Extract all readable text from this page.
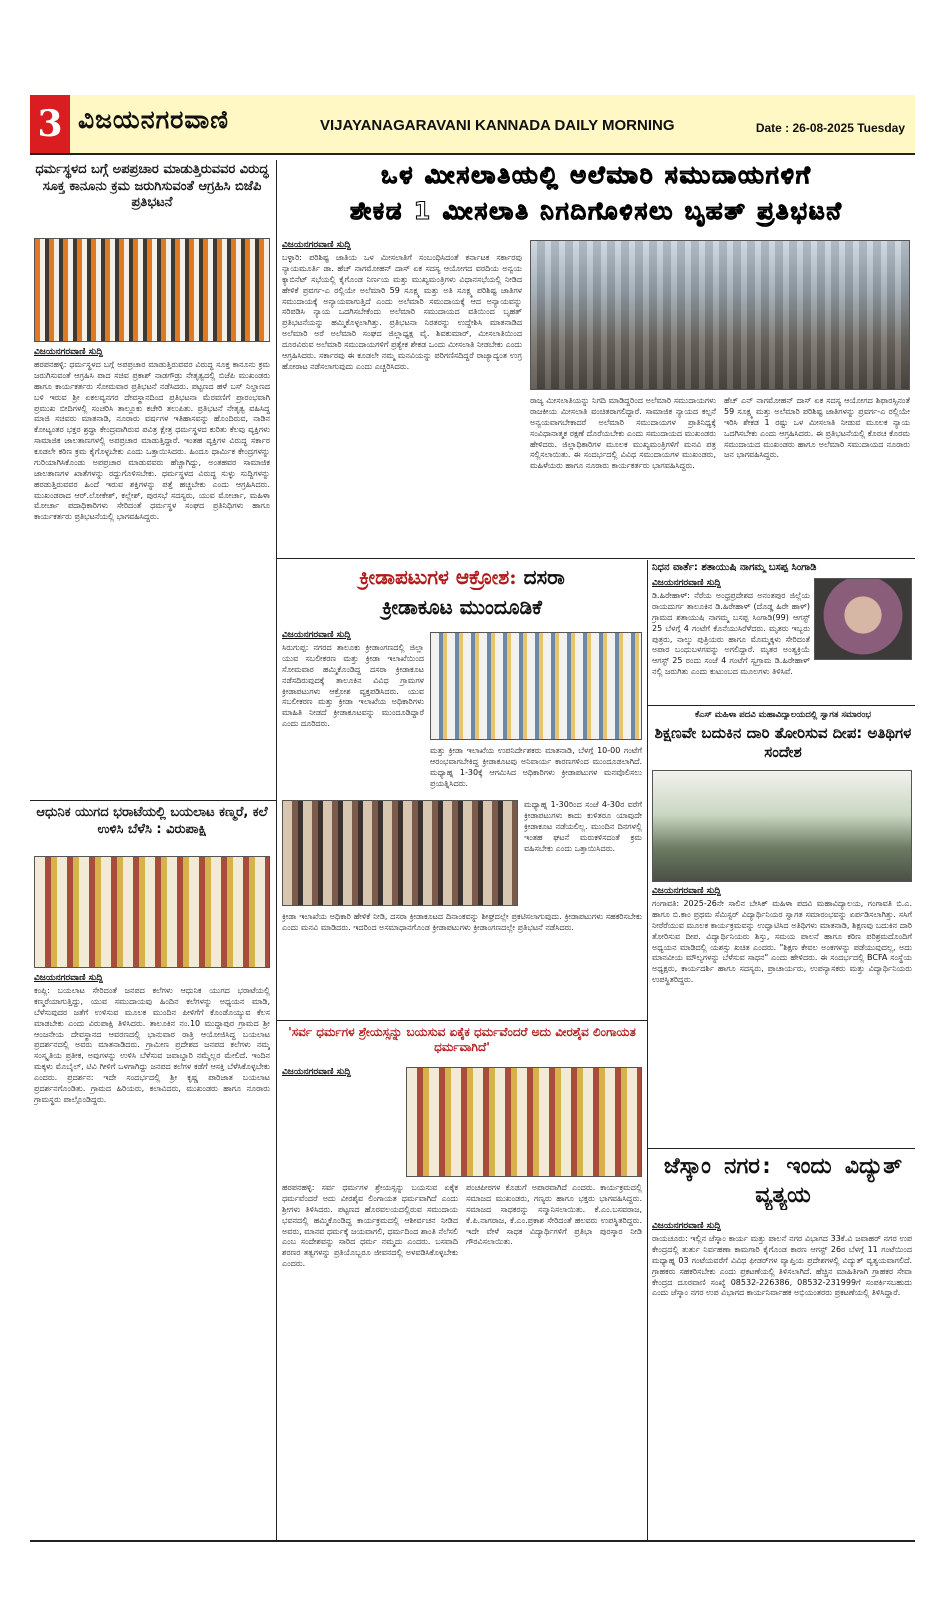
3 ವಿಜಯನಗರವಾಣಿ	VIJAYANAGARAVANI KANNADA DAILY MORNING	Date : 26-08-2025 Tuesday
ಧರ್ಮಸ್ಥಳದ ಬಗ್ಗೆ ಅಪಪ್ರಚಾರ ಮಾಡುತ್ತಿರುವವರ ವಿರುದ್ಧ ಸೂಕ್ತ ಕಾನೂನು ಕ್ರಮ ಜರುಗಿಸುವಂತೆ ಆಗ್ರಹಿಸಿ ಬಿಜೆಪಿ ಪ್ರತಿಭಟನೆ
ವಿಜಯನಗರವಾಣಿ ಸುದ್ದಿ
ಹರಪನಹಳ್ಳಿ: ಧರ್ಮಸ್ಥಳದ ಬಗ್ಗೆ ಅಪಪ್ರಚಾರ ಮಾಡುತ್ತಿರುವವರ ವಿರುದ್ಧ ಸೂಕ್ತ ಕಾನೂನು ಕ್ರಮ ಜರುಗಿಸುವಂತೆ ಆಗ್ರಹಿಸಿ ಪಾದ ಸಚಿವ ಪ್ರಕಾಶ್ ನಾಡಗೌಡ್ರು ನೇತೃತ್ವದಲ್ಲಿ ಬಿಜೆಪಿ ಮುಖಂಡರು ಹಾಗೂ ಕಾರ್ಯಕರ್ತರು ಸೋಮವಾರ ಪ್ರತಿಭಟನೆ ನಡೆಸಿದರು. ಪಟ್ಟಣದ ಹಳೆ ಬಸ್ ನಿಲ್ದಾಣದ ಬಳಿ ಇರುವ ಶ್ರೀ ಏಕಲವ್ಯನಗರ ದೇವಸ್ಥಾನದಿಂದ ಪ್ರತಿಭಟನಾ ಮೆರವಣಿಗೆ ಪ್ರಾರಂಭವಾಗಿ ಪ್ರಮುಖ ಬೀದಿಗಳಲ್ಲಿ ಸಂಚರಿಸಿ ತಾಲ್ಲೂಕು ಕಚೇರಿ ತಲುಪಿತು. ಪ್ರತಿಭಟನೆ ನೇತೃತ್ವ ವಹಿಸಿದ್ದ ಮಾಜಿ ಸಚಿವರು ಮಾತನಾಡಿ, ನೂರಾರು ವರ್ಷಗಳ ಇತಿಹಾಸವನ್ನು ಹೊಂದಿರುವ, ನಾಡಿನ ಕೋಟ್ಯಂತರ ಭಕ್ತರ ಶ್ರದ್ಧಾ ಕೇಂದ್ರವಾಗಿರುವ ಪವಿತ್ರ ಕ್ಷೇತ್ರ ಧರ್ಮಸ್ಥಳದ ಕುರಿತು ಕೆಲವು ವ್ಯಕ್ತಿಗಳು ಸಾಮಾಜಿಕ ಜಾಲತಾಣಗಳಲ್ಲಿ ಅಪಪ್ರಚಾರ ಮಾಡುತ್ತಿದ್ದಾರೆ. ಇಂತಹ ವ್ಯಕ್ತಿಗಳ ವಿರುದ್ಧ ಸರ್ಕಾರ ಕೂಡಲೇ ಕಠಿಣ ಕ್ರಮ ಕೈಗೊಳ್ಳಬೇಕು ಎಂದು ಒತ್ತಾಯಿಸಿದರು. ಹಿಂದೂ ಧಾರ್ಮಿಕ ಕೇಂದ್ರಗಳನ್ನು ಗುರಿಯಾಗಿಸಿಕೊಂಡು ಅಪಪ್ರಚಾರ ಮಾಡುವವರು ಹೆಚ್ಚಾಗಿದ್ದು, ಅಂತಹವರ ಸಾಮಾಜಿಕ ಜಾಲತಾಣಗಳ ಖಾತೆಗಳನ್ನು ರದ್ದುಗೊಳಿಸಬೇಕು. ಧರ್ಮಸ್ಥಳದ ವಿರುದ್ಧ ಸುಳ್ಳು ಸುದ್ದಿಗಳನ್ನು ಹರಡುತ್ತಿರುವವರ ಹಿಂದೆ ಇರುವ ಶಕ್ತಿಗಳನ್ನು ಪತ್ತೆ ಹಚ್ಚಬೇಕು ಎಂದು ಆಗ್ರಹಿಸಿದರು. ಮುಖಂಡರಾದ ಆರ್.ಲೋಕೇಶ್, ಕಲ್ಲೇಶ್, ಪುರಸಭೆ ಸದಸ್ಯರು, ಯುವ ಮೋರ್ಚಾ, ಮಹಿಳಾ ಮೋರ್ಚಾ ಪದಾಧಿಕಾರಿಗಳು ಸೇರಿದಂತೆ ಧರ್ಮಸ್ಥಳ ಸಂಘದ ಪ್ರತಿನಿಧಿಗಳು ಹಾಗೂ ಕಾರ್ಯಕರ್ತರು ಪ್ರತಿಭಟನೆಯಲ್ಲಿ ಭಾಗವಹಿಸಿದ್ದರು.
ಆಧುನಿಕ ಯುಗದ ಭರಾಟೆಯಲ್ಲಿ ಬಯಲಾಟ ಕಣ್ಮರೆ, ಕಲೆ ಉಳಿಸಿ ಬೆಳೆಸಿ : ವಿರುಪಾಕ್ಷಿ
ವಿಜಯನಗರವಾಣಿ ಸುದ್ದಿ
ಕಂಪ್ಲಿ: ಬಯಲಾಟ ಸೇರಿದಂತೆ ಜನಪದ ಕಲೆಗಳು ಆಧುನಿಕ ಯುಗದ ಭರಾಟೆಯಲ್ಲಿ ಕಣ್ಮರೆಯಾಗುತ್ತಿದ್ದು, ಯುವ ಸಮುದಾಯವು ಹಿಂದಿನ ಕಲೆಗಳನ್ನು ಅಧ್ಯಯನ ಮಾಡಿ, ಬೆಳೆಸುವುದರ ಜತೆಗೆ ಉಳಿಸುವ ಮೂಲಕ ಮುಂದಿನ ಪೀಳಿಗೆಗೆ ಕೊಂಡೊಯ್ಯುವ ಕೆಲಸ ಮಾಡಬೇಕು ಎಂದು ವಿರುಪಾಕ್ಷಿ ತಿಳಿಸಿದರು. ತಾಲೂಕಿನ ನಂ.10 ಮುದ್ದಾಪುರ ಗ್ರಾಮದ ಶ್ರೀ ಆಂಜನೇಯ ದೇವಸ್ಥಾನದ ಆವರಣದಲ್ಲಿ ಭಾನುವಾರ ರಾತ್ರಿ ಆಯೋಜಿಸಿದ್ದ ಬಯಲಾಟ ಪ್ರದರ್ಶನದಲ್ಲಿ ಅವರು ಮಾತನಾಡಿದರು. ಗ್ರಾಮೀಣ ಪ್ರದೇಶದ ಜನಪದ ಕಲೆಗಳು ನಮ್ಮ ಸಂಸ್ಕೃತಿಯ ಪ್ರತೀಕ, ಅವುಗಳನ್ನು ಉಳಿಸಿ ಬೆಳೆಸುವ ಜವಾಬ್ದಾರಿ ನಮ್ಮೆಲ್ಲರ ಮೇಲಿದೆ. ಇಂದಿನ ಮಕ್ಕಳು ಮೊಬೈಲ್, ಟಿವಿ ಗೀಳಿಗೆ ಒಳಗಾಗಿದ್ದು ಜನಪದ ಕಲೆಗಳ ಕಡೆಗೆ ಆಸಕ್ತಿ ಬೆಳೆಸಿಕೊಳ್ಳಬೇಕು ಎಂದರು. ಪ್ರದರ್ಶನ: ಇದೇ ಸಂದರ್ಭದಲ್ಲಿ ಶ್ರೀ ಕೃಷ್ಣ ಪಾರಿಜಾತ ಬಯಲಾಟ ಪ್ರದರ್ಶನಗೊಂಡಿತು. ಗ್ರಾಮದ ಹಿರಿಯರು, ಕಲಾವಿದರು, ಮುಖಂಡರು ಹಾಗೂ ನೂರಾರು ಗ್ರಾಮಸ್ಥರು ಪಾಲ್ಗೊಂಡಿದ್ದರು.
ಒಳ ಮೀಸಲಾತಿಯಲ್ಲಿ ಅಲೆಮಾರಿ ಸಮುದಾಯಗಳಿಗೆ
ಶೇಕಡ 1 ಮೀಸಲಾತಿ ನಿಗದಿಗೊಳಿಸಲು ಬೃಹತ್ ಪ್ರತಿಭಟನೆ
ವಿಜಯನಗರವಾಣಿ ಸುದ್ದಿ
ಬಳ್ಳಾರಿ: ಪರಿಶಿಷ್ಟ ಜಾತಿಯ ಒಳ ಮೀಸಲಾತಿಗೆ ಸಂಬಂಧಿಸಿದಂತೆ ಕರ್ನಾಟಕ ಸರ್ಕಾರವು ನ್ಯಾಯಮೂರ್ತಿ ಡಾ. ಹೆಚ್ ನಾಗಮೋಹನ್ ದಾಸ್ ಏಕ ಸದಸ್ಯ ಆಯೋಗದ ವರದಿಯ ಅನ್ವಯ ಕ್ಯಾಬಿನೆಟ್ ಸಭೆಯಲ್ಲಿ ಕೈಗೊಂಡ ನಿರ್ಣಯ ಮತ್ತು ಮುಖ್ಯಮಂತ್ರಿಗಳು ವಿಧಾನಸಭೆಯಲ್ಲಿ ನೀಡಿದ ಹೇಳಿಕೆ ಪ್ರವರ್ಗ-ಎ ರಲ್ಲಿಯೇ ಅಲೆಮಾರಿ 59 ಸೂಕ್ಷ್ಮ ಮತ್ತು ಅತಿ ಸೂಕ್ಷ್ಮ ಪರಿಶಿಷ್ಟ ಜಾತಿಗಳ ಸಮುದಾಯಕ್ಕೆ ಅನ್ಯಾಯವಾಗುತ್ತಿದೆ ಎಂದು ಅಲೆಮಾರಿ ಸಮುದಾಯಕ್ಕೆ ಆದ ಅನ್ಯಾಯವನ್ನು ಸರಿಪಡಿಸಿ ನ್ಯಾಯ ಒದಗಿಸಬೇಕೆಂದು ಅಲೆಮಾರಿ ಸಮುದಾಯದ ವತಿಯಿಂದ ಬೃಹತ್ ಪ್ರತಿಭಟನೆಯನ್ನು ಹಮ್ಮಿಕೊಳ್ಳಲಾಗಿತ್ತು. ಪ್ರತಿಭಟನಾ ನಿರತರನ್ನು ಉದ್ದೇಶಿಸಿ ಮಾತನಾಡಿದ ಅಲೆಮಾರಿ ಅರೆ ಅಲೆಮಾರಿ ಸಂಘದ ಜಿಲ್ಲಾಧ್ಯಕ್ಷ ವೈ. ಶಿವಕುಮಾರ್, ಮೀಸಲಾತಿಯಿಂದ ದೂರವಿರುವ ಅಲೆಮಾರಿ ಸಮುದಾಯಗಳಿಗೆ ಪ್ರತ್ಯೇಕ ಶೇಕಡ ಒಂದು ಮೀಸಲಾತಿ ನೀಡಬೇಕು ಎಂದು ಆಗ್ರಹಿಸಿದರು. ಸರ್ಕಾರವು ಈ ಕೂಡಲೇ ನಮ್ಮ ಮನವಿಯನ್ನು ಪರಿಗಣಿಸದಿದ್ದರೆ ರಾಜ್ಯಾದ್ಯಂತ ಉಗ್ರ ಹೋರಾಟ ನಡೆಸಲಾಗುವುದು ಎಂದು ಎಚ್ಚರಿಸಿದರು.
ರಾಜ್ಯ ಮೀಸಲಾತಿಯನ್ನು ನಿಗದಿ ಮಾಡಿದ್ದರಿಂದ ಅಲೆಮಾರಿ ಸಮುದಾಯಗಳು ರಾಜಕೀಯ ಮೀಸಲಾತಿ ವಂಚಿತರಾಗಲಿದ್ದಾರೆ. ಸಾಮಾಜಿಕ ನ್ಯಾಯದ ಕಲ್ಪನೆ ಅನ್ವಯವಾಗಬೇಕಾದರೆ ಅಲೆಮಾರಿ ಸಮುದಾಯಗಳ ಪ್ರಾತಿನಿಧ್ಯಕ್ಕೆ ಸಂವಿಧಾನಾತ್ಮಕ ರಕ್ಷಣೆ ದೊರೆಯಬೇಕು ಎಂದು ಸಮುದಾಯದ ಮುಖಂಡರು ಹೇಳಿದರು. ಜಿಲ್ಲಾಧಿಕಾರಿಗಳ ಮೂಲಕ ಮುಖ್ಯಮಂತ್ರಿಗಳಿಗೆ ಮನವಿ ಪತ್ರ ಸಲ್ಲಿಸಲಾಯಿತು. ಈ ಸಂದರ್ಭದಲ್ಲಿ ವಿವಿಧ ಸಮುದಾಯಗಳ ಮುಖಂಡರು, ಮಹಿಳೆಯರು ಹಾಗೂ ನೂರಾರು ಕಾರ್ಯಕರ್ತರು ಭಾಗವಹಿಸಿದ್ದರು.
ಹೆಚ್ ಎನ್ ನಾಗಮೋಹನ್ ದಾಸ್ ಏಕ ಸದಸ್ಯ ಆಯೋಗದ ಶಿಫಾರಸ್ಸಿನಂತೆ 59 ಸೂಕ್ಷ್ಮ ಮತ್ತು ಅಲೆಮಾರಿ ಪರಿಶಿಷ್ಟ ಜಾತಿಗಳನ್ನು ಪ್ರವರ್ಗ-ಎ ರಲ್ಲಿಯೇ ಇರಿಸಿ ಶೇಕಡ 1 ರಷ್ಟು ಒಳ ಮೀಸಲಾತಿ ನೀಡುವ ಮೂಲಕ ನ್ಯಾಯ ಒದಗಿಸಬೇಕು ಎಂದು ಆಗ್ರಹಿಸಿದರು. ಈ ಪ್ರತಿಭಟನೆಯಲ್ಲಿ ಕೊರಚ ಕೊರಮ ಸಮುದಾಯದ ಮುಖಂಡರು ಹಾಗೂ ಅಲೆಮಾರಿ ಸಮುದಾಯದ ನೂರಾರು ಜನ ಭಾಗವಹಿಸಿದ್ದರು.
ಕ್ರೀಡಾಪಟುಗಳ ಆಕ್ರೋಶ: ದಸರಾ
ಕ್ರೀಡಾಕೂಟ ಮುಂದೂಡಿಕೆ
ವಿಜಯನಗರವಾಣಿ ಸುದ್ದಿ
ಸಿರುಗುಪ್ಪ: ನಗರದ ತಾಲೂಕು ಕ್ರೀಡಾಂಗಣದಲ್ಲಿ ಜಿಲ್ಲಾ ಯುವ ಸಬಲೀಕರಣ ಮತ್ತು ಕ್ರೀಡಾ ಇಲಾಖೆಯಿಂದ ಸೋಮವಾರ ಹಮ್ಮಿಕೊಂಡಿದ್ದ ದಸರಾ ಕ್ರೀಡಾಕೂಟ ನಡೆಸದಿರುವುದಕ್ಕೆ ತಾಲೂಕಿನ ವಿವಿಧ ಗ್ರಾಮಗಳ ಕ್ರೀಡಾಪಟುಗಳು ಆಕ್ರೋಶ ವ್ಯಕ್ತಪಡಿಸಿದರು. ಯುವ ಸಬಲೀಕರಣ ಮತ್ತು ಕ್ರೀಡಾ ಇಲಾಖೆಯ ಅಧಿಕಾರಿಗಳು ಮಾಹಿತಿ ನೀಡದೆ ಕ್ರೀಡಾಕೂಟವನ್ನು ಮುಂದೂಡಿದ್ದಾರೆ ಎಂದು ದೂರಿದರು.
ಮತ್ತು ಕ್ರೀಡಾ ಇಲಾಖೆಯ ಉಪನಿರ್ದೇಶಕರು ಮಾತನಾಡಿ, ಬೆಳಗ್ಗೆ 10-00 ಗಂಟೆಗೆ ಆರಂಭವಾಗಬೇಕಿದ್ದ ಕ್ರೀಡಾಕೂಟವು ಅನಿವಾರ್ಯ ಕಾರಣಗಳಿಂದ ಮುಂದೂಡಲಾಗಿದೆ. ಮಧ್ಯಾಹ್ನ 1-30ಕ್ಕೆ ಆಗಮಿಸಿದ ಅಧಿಕಾರಿಗಳು ಕ್ರೀಡಾಪಟುಗಳ ಮನವೊಲಿಸಲು ಪ್ರಯತ್ನಿಸಿದರು.
ಮಧ್ಯಾಹ್ನ 1-30ರಿಂದ ಸಂಜೆ 4-30ರ ವರೆಗೆ ಕ್ರೀಡಾಪಟುಗಳು ಕಾದು ಕುಳಿತರೂ ಯಾವುದೇ ಕ್ರೀಡಾಕೂಟ ನಡೆಯಲಿಲ್ಲ. ಮುಂದಿನ ದಿನಗಳಲ್ಲಿ ಇಂತಹ ಘಟನೆ ಮರುಕಳಿಸದಂತೆ ಕ್ರಮ ವಹಿಸಬೇಕು ಎಂದು ಒತ್ತಾಯಿಸಿದರು.
ಕ್ರೀಡಾ ಇಲಾಖೆಯ ಅಧಿಕಾರಿ ಹೇಳಿಕೆ ನೀಡಿ, ದಸರಾ ಕ್ರೀಡಾಕೂಟದ ದಿನಾಂಕವನ್ನು ಶೀಘ್ರದಲ್ಲೇ ಪ್ರಕಟಿಸಲಾಗುವುದು. ಕ್ರೀಡಾಪಟುಗಳು ಸಹಕರಿಸಬೇಕು ಎಂದು ಮನವಿ ಮಾಡಿದರು. ಇದರಿಂದ ಅಸಮಾಧಾನಗೊಂಡ ಕ್ರೀಡಾಪಟುಗಳು ಕ್ರೀಡಾಂಗಣದಲ್ಲೇ ಪ್ರತಿಭಟನೆ ನಡೆಸಿದರು.
'ಸರ್ವ ಧರ್ಮಗಳ ಶ್ರೇಯಸ್ಸನ್ನು ಬಯಸುವ ಏಕೈಕ ಧರ್ಮವೆಂದರೆ ಅದು ವೀರಶೈವ ಲಿಂಗಾಯತ ಧರ್ಮವಾಗಿದೆ'
ವಿಜಯನಗರವಾಣಿ ಸುದ್ದಿ
ಹರಪನಹಳ್ಳಿ: ಸರ್ವ ಧರ್ಮಗಳ ಶ್ರೇಯಸ್ಸನ್ನು ಬಯಸುವ ಏಕೈಕ ಧರ್ಮವೆಂದರೆ ಅದು ವೀರಶೈವ ಲಿಂಗಾಯತ ಧರ್ಮವಾಗಿದೆ ಎಂದು ಶ್ರೀಗಳು ತಿಳಿಸಿದರು. ಪಟ್ಟಣದ ಹೊರವಲಯದಲ್ಲಿರುವ ಸಮುದಾಯ ಭವನದಲ್ಲಿ ಹಮ್ಮಿಕೊಂಡಿದ್ದ ಕಾರ್ಯಕ್ರಮದಲ್ಲಿ ಆಶೀರ್ವಚನ ನೀಡಿದ ಅವರು, ಮಾನವ ಧರ್ಮಕ್ಕೆ ಜಯವಾಗಲಿ, ಧರ್ಮದಿಂದ ಶಾಂತಿ ನೆಲೆಸಲಿ ಎಂಬ ಸಂದೇಶವನ್ನು ಸಾರಿದ ಧರ್ಮ ನಮ್ಮದು ಎಂದರು. ಬಸವಾದಿ ಶರಣರ ತತ್ವಗಳನ್ನು ಪ್ರತಿಯೊಬ್ಬರೂ ಜೀವನದಲ್ಲಿ ಅಳವಡಿಸಿಕೊಳ್ಳಬೇಕು ಎಂದರು.
ಪಂಚಪೀಠಗಳ ಕೊಡುಗೆ ಅಪಾರವಾಗಿದೆ ಎಂದರು. ಕಾರ್ಯಕ್ರಮದಲ್ಲಿ ಸಮಾಜದ ಮುಖಂಡರು, ಗಣ್ಯರು ಹಾಗೂ ಭಕ್ತರು ಭಾಗವಹಿಸಿದ್ದರು. ಸಮಾಜದ ಸಾಧಕರನ್ನು ಸನ್ಮಾನಿಸಲಾಯಿತು. ಕೆ.ಎಂ.ಬಸವರಾಜ, ಕೆ.ಪಿ.ನಾಗರಾಜ, ಕೆ.ಎಂ.ಪ್ರಕಾಶ ಸೇರಿದಂತೆ ಹಲವರು ಉಪಸ್ಥಿತರಿದ್ದರು. ಇದೇ ವೇಳೆ ಸಾಧಕ ವಿದ್ಯಾರ್ಥಿಗಳಿಗೆ ಪ್ರತಿಭಾ ಪುರಸ್ಕಾರ ನೀಡಿ ಗೌರವಿಸಲಾಯಿತು.
ನಿಧನ ವಾರ್ತೆ: ಶತಾಯುಷಿ ನಾಗಮ್ಮ ಬಸಪ್ಪ ಸಿಂಗಾಡಿ
ವಿಜಯನಗರವಾಣಿ ಸುದ್ದಿ
ಡಿ.ಹಿರೇಹಾಳ್: ನೆರೆಯ ಅಂಧ್ರಪ್ರದೇಶದ ಅನಂತಪುರ ಜಿಲ್ಲೆಯ ರಾಯದುರ್ಗ ತಾಲೂಕಿನ ಡಿ.ಹಿರೇಹಾಳ್ (ದೊಡ್ಡ ಹಿರೇ ಹಾಳ್) ಗ್ರಾಮದ ಶತಾಯುಷಿ ನಾಗಮ್ಮ ಬಸಪ್ಪ ಸಿಂಗಾಡಿ(99) ಆಗಸ್ಟ್ 25 ಬೆಳಗ್ಗೆ 4 ಗಂಟೆಗೆ ಕೊನೆಯುಸಿರೆಳೆದರು. ಮೃತರು ಇಬ್ಬರು ಪುತ್ರರು, ನಾಲ್ಕು ಪುತ್ರಿಯರು ಹಾಗೂ ಮೊಮ್ಮಕ್ಕಳು ಸೇರಿದಂತೆ ಅಪಾರ ಬಂಧುಬಳಗವನ್ನು ಅಗಲಿದ್ದಾರೆ. ಮೃತರ ಅಂತ್ಯಕ್ರಿಯೆ ಆಗಸ್ಟ್ 25 ರಂದು ಸಂಜೆ 4 ಗಂಟೆಗೆ ಸ್ವಗ್ರಾಮ ಡಿ.ಹಿರೇಹಾಳ್ ನಲ್ಲಿ ಜರುಗಿತು ಎಂದು ಕುಟುಂಬದ ಮೂಲಗಳು ತಿಳಿಸಿವೆ.
ಕೆಎಸ್ ಮಹಿಳಾ ಪದವಿ ಮಹಾವಿದ್ಯಾಲಯದಲ್ಲಿ ಸ್ವಾಗತ ಸಮಾರಂಭ
ಶಿಕ್ಷಣವೇ ಬದುಕಿನ ದಾರಿ ತೋರಿಸುವ ದೀಪ: ಅತಿಥಿಗಳ ಸಂದೇಶ
ವಿಜಯನಗರವಾಣಿ ಸುದ್ದಿ
ಗಂಗಾವತಿ: 2025-26ನೇ ಸಾಲಿನ ಬೇಸಿಕ್ ಮಹಿಳಾ ಪದವಿ ಮಹಾವಿದ್ಯಾಲಯ, ಗಂಗಾವತಿ ಬಿ.ಎ. ಹಾಗೂ ಬಿ.ಕಾಂ ಪ್ರಥಮ ಸೆಮಿಸ್ಟರ್ ವಿದ್ಯಾರ್ಥಿನಿಯರ ಸ್ವಾಗತ ಸಮಾರಂಭವನ್ನು ಏರ್ಪಡಿಸಲಾಗಿತ್ತು. ಸಸಿಗೆ ನೀರೆರೆಯುವ ಮೂಲಕ ಕಾರ್ಯಕ್ರಮವನ್ನು ಉದ್ಘಾಟಿಸಿದ ಅತಿಥಿಗಳು ಮಾತನಾಡಿ, ಶಿಕ್ಷಣವು ಬದುಕಿನ ದಾರಿ ತೋರಿಸುವ ದೀಪ. ವಿದ್ಯಾರ್ಥಿನಿಯರು ಶಿಸ್ತು, ಸಮಯ ಪಾಲನೆ ಹಾಗೂ ಕಠಿಣ ಪರಿಶ್ರಮದೊಂದಿಗೆ ಅಧ್ಯಯನ ಮಾಡಿದಲ್ಲಿ ಯಶಸ್ಸು ಖಚಿತ ಎಂದರು. "ಶಿಕ್ಷಣ ಕೇವಲ ಅಂಕಗಳನ್ನು ಪಡೆಯುವುದಲ್ಲ, ಅದು ಮಾನವೀಯ ಮೌಲ್ಯಗಳನ್ನು ಬೆಳೆಸುವ ಸಾಧನ" ಎಂದು ಹೇಳಿದರು. ಈ ಸಂದರ್ಭದಲ್ಲಿ BCFA ಸಂಸ್ಥೆಯ ಅಧ್ಯಕ್ಷರು, ಕಾರ್ಯದರ್ಶಿ ಹಾಗೂ ಸದಸ್ಯರು, ಪ್ರಾಚಾರ್ಯರು, ಉಪನ್ಯಾಸಕರು ಮತ್ತು ವಿದ್ಯಾರ್ಥಿನಿಯರು ಉಪಸ್ಥಿತರಿದ್ದರು.
ಜೆಸ್ಕಾಂ ನಗರ: ಇಂದು ವಿದ್ಯುತ್ ವ್ಯತ್ಯಯ
ವಿಜಯನಗರವಾಣಿ ಸುದ್ದಿ
ರಾಯಚೂರು: ಇಲ್ಲಿನ ಜೆಸ್ಕಾಂ ಕಾರ್ಯ ಮತ್ತು ಪಾಲನೆ ನಗರ ವಿಭಾಗದ 33ಕೆ.ವಿ ಜವಾಹರ್ ನಗರ ಉಪ ಕೇಂದ್ರದಲ್ಲಿ ತುರ್ತು ನಿರ್ವಹಣಾ ಕಾಮಗಾರಿ ಕೈಗೊಂಡ ಕಾರಣ ಆಗಸ್ಟ್ 26ರ ಬೆಳಗ್ಗೆ 11 ಗಂಟೆಯಿಂದ ಮಧ್ಯಾಹ್ನ 03 ಗಂಟೆಯವರೆಗೆ ವಿವಿಧ ಫೀಡರ್‌ಗಳ ವ್ಯಾಪ್ತಿಯ ಪ್ರದೇಶಗಳಲ್ಲಿ ವಿದ್ಯುತ್ ವ್ಯತ್ಯಯವಾಗಲಿದೆ. ಗ್ರಾಹಕರು ಸಹಕರಿಸಬೇಕು ಎಂದು ಪ್ರಕಟಣೆಯಲ್ಲಿ ತಿಳಿಸಲಾಗಿದೆ. ಹೆಚ್ಚಿನ ಮಾಹಿತಿಗಾಗಿ ಗ್ರಾಹಕರ ಸೇವಾ ಕೇಂದ್ರದ ದೂರವಾಣಿ ಸಂಖ್ಯೆ 08532-226386, 08532-231999ಗೆ ಸಂಪರ್ಕಿಸಬಹುದು ಎಂದು ಜೆಸ್ಕಾಂ ನಗರ ಉಪ ವಿಭಾಗದ ಕಾರ್ಯನಿರ್ವಾಹಕ ಅಭಿಯಂತರರು ಪ್ರಕಟಣೆಯಲ್ಲಿ ತಿಳಿಸಿದ್ದಾರೆ.
